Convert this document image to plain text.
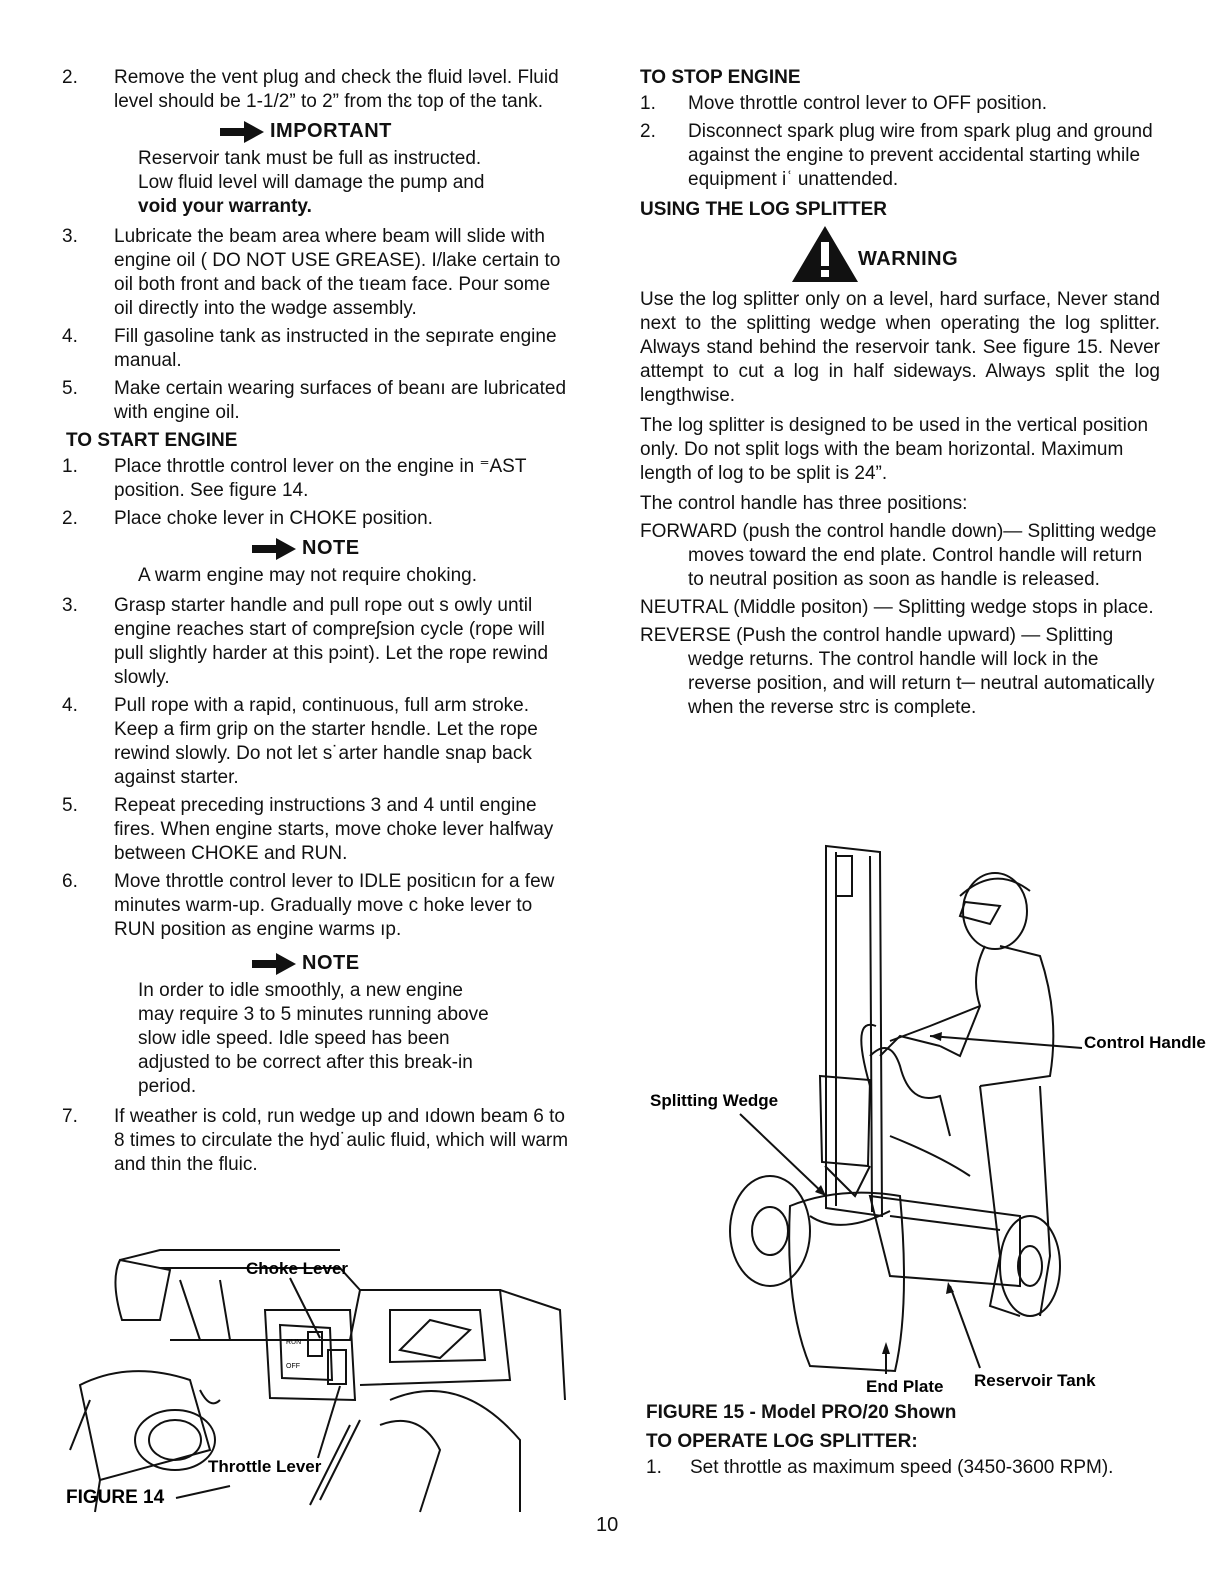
2. Remove the vent plug and check the fluid ləvel. Fluid level should be 1-1/2” to 2” from thɛ top of the tank.
IMPORTANT
Reservoir tank must be full as instructed. Low fluid level will damage the pump and void your warranty.
3. Lubricate the beam area where beam will slide with engine oil ( DO NOT USE GREASE). I/lake certain to oil both front and back of the tıeam face. Pour some oil directly into the wədge assembly.
4. Fill gasoline tank as instructed in the sepırate engine manual.
5. Make certain wearing surfaces of beanı are lubricated with engine oil.
TO START ENGINE
1. Place throttle control lever on the engine in ⁼AST position. See figure 14.
2. Place choke lever in CHOKE position.
NOTE
A warm engine may not require choking.
3. Grasp starter handle and pull rope out s owly until engine reaches start of compreʃsion cycle (rope will pull slightly harder at this pɔint). Let the rope rewind slowly.
4. Pull rope with a rapid, continuous, full arm stroke. Keep a firm grip on the starter hɛndle. Let the rope rewind slowly. Do not let s˙arter handle snap back against starter.
5. Repeat preceding instructions 3 and 4 until engine fires. When engine starts, move choke lever halfway between CHOKE and RUN.
6. Move throttle control lever to IDLE positicın for a few minutes warm-up. Gradually move c hoke lever to RUN position as engine warms ıp.
NOTE
In order to idle smoothly, a new engine may require 3 to 5 minutes running above slow idle speed. Idle speed has been adjusted to be correct after this break-in period.
7. If weather is cold, run wedge up and ıdown beam 6 to 8 times to circulate the hyd˙aulic fluid, which will warm and thin the fluic.
Choke Lever
Throttle Lever
RUN
OFF
FIGURE 14
TO STOP ENGINE
1. Move throttle control lever to OFF position.
2. Disconnect spark plug wire from spark plug and ground against the engine to prevent accidental starting while equipment iʿ unattended.
USING THE LOG SPLITTER
WARNING

Use the log splitter only on a level, hard surface, Never stand next to the splitting wedge when operating the log splitter. Always stand behind the reservoir tank. See figure 15. Never attempt to cut a log in half sideways. Always split the log lengthwise.

The log splitter is designed to be used in the vertical position only. Do not split logs with the beam horizontal. Maximum length of log to be split is 24”.

The control handle has three positions:

FORWARD (push the control handle down)— Splitting wedge moves toward the end plate. Control handle will return to neutral position as soon as handle is released.
NEUTRAL (Middle positon) — Splitting wedge stops in place.
REVERSE (Push the control handle upward) — Splitting wedge returns. The control handle will lock in the reverse position, and will return t─ neutral automatically when the reverse strc is complete.
Control Handle
Splitting Wedge
End Plate Reservoir Tank
FIGURE 15 - Model PRO/20 Shown
TO OPERATE LOG SPLITTER:
1. Set throttle as maximum speed (3450-3600 RPM).
10
